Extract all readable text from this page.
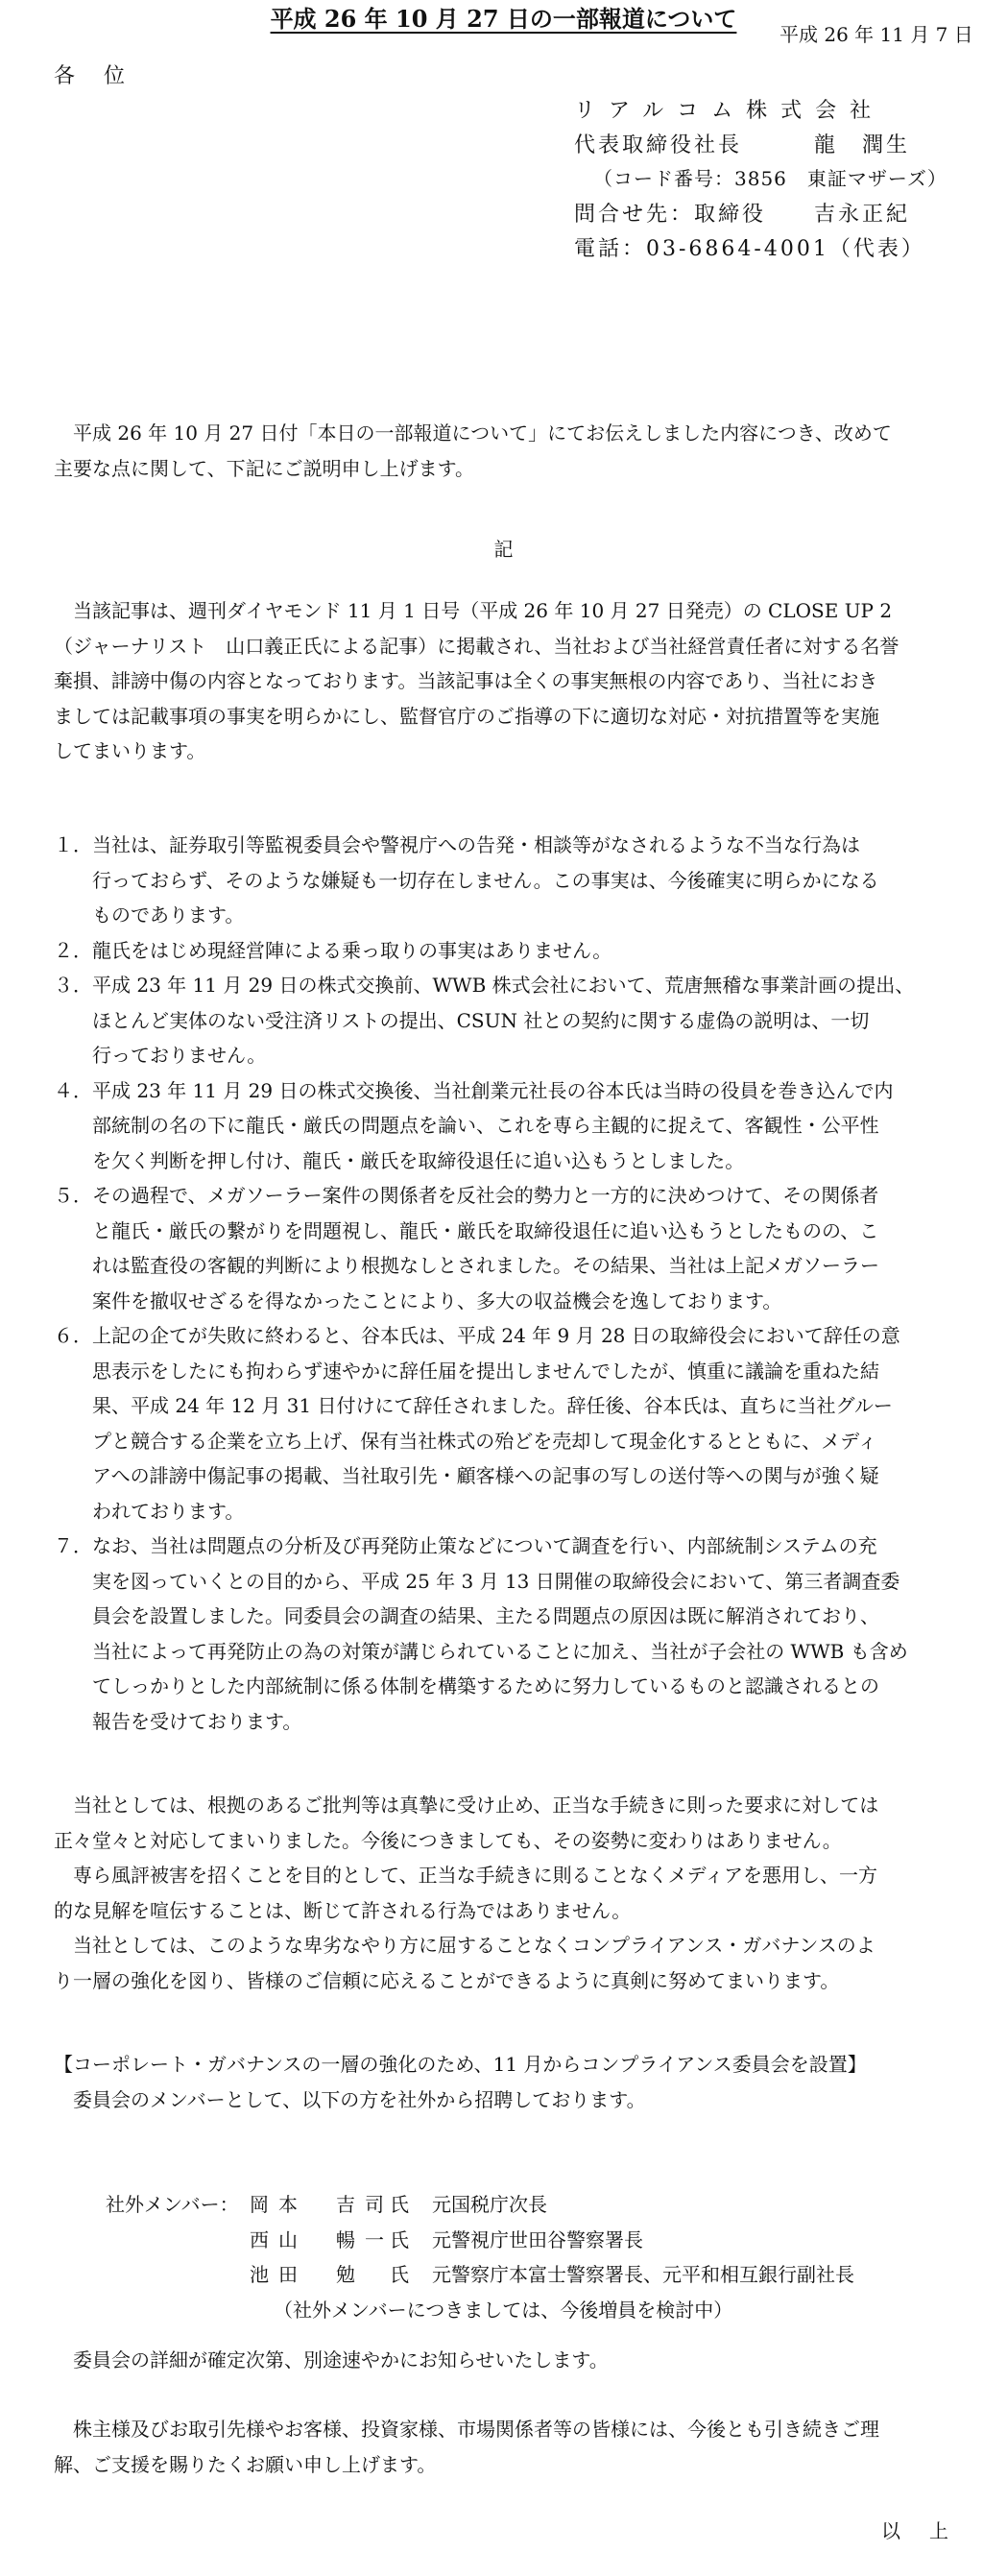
平成 26 年 11 月 7 日
各位
リアルコム株式会社
代表取締役社長　　　龍　潤生
（コード番号：3856　東証マザーズ）
問合せ先：取締役　　吉永正紀
電話：03-6864-4001（代表）
平成 26 年 10 月 27 日の一部報道について
　平成 26 年 10 月 27 日付「本日の一部報道について」にてお伝えしました内容につき、改めて
主要な点に関して、下記にご説明申し上げます。
記
　当該記事は、週刊ダイヤモンド 11 月 1 日号（平成 26 年 10 月 27 日発売）の CLOSE UP 2
（ジャーナリスト　山口義正氏による記事）に掲載され、当社および当社経営責任者に対する名誉
棄損、誹謗中傷の内容となっております。当該記事は全くの事実無根の内容であり、当社におき
ましては記載事項の事実を明らかにし、監督官庁のご指導の下に適切な対応・対抗措置等を実施
してまいります。
１． 当社は、証券取引等監視委員会や警視庁への告発・相談等がなされるような不当な行為は
行っておらず、そのような嫌疑も一切存在しません。この事実は、今後確実に明らかになる
ものであります。
２． 龍氏をはじめ現経営陣による乗っ取りの事実はありません。
３． 平成 23 年 11 月 29 日の株式交換前、WWB 株式会社において、荒唐無稽な事業計画の提出、
ほとんど実体のない受注済リストの提出、CSUN 社との契約に関する虚偽の説明は、一切
行っておりません。
４． 平成 23 年 11 月 29 日の株式交換後、当社創業元社長の谷本氏は当時の役員を巻き込んで内
部統制の名の下に龍氏・厳氏の問題点を論い、これを専ら主観的に捉えて、客観性・公平性
を欠く判断を押し付け、龍氏・厳氏を取締役退任に追い込もうとしました。
５． その過程で、メガソーラー案件の関係者を反社会的勢力と一方的に決めつけて、その関係者
と龍氏・厳氏の繋がりを問題視し、龍氏・厳氏を取締役退任に追い込もうとしたものの、こ
れは監査役の客観的判断により根拠なしとされました。その結果、当社は上記メガソーラー
案件を撤収せざるを得なかったことにより、多大の収益機会を逸しております。
６． 上記の企てが失敗に終わると、谷本氏は、平成 24 年 9 月 28 日の取締役会において辞任の意
思表示をしたにも拘わらず速やかに辞任届を提出しませんでしたが、慎重に議論を重ねた結
果、平成 24 年 12 月 31 日付けにて辞任されました。辞任後、谷本氏は、直ちに当社グルー
プと競合する企業を立ち上げ、保有当社株式の殆どを売却して現金化するとともに、メディ
アへの誹謗中傷記事の掲載、当社取引先・顧客様への記事の写しの送付等への関与が強く疑
われております。
７． なお、当社は問題点の分析及び再発防止策などについて調査を行い、内部統制システムの充
実を図っていくとの目的から、平成 25 年 3 月 13 日開催の取締役会において、第三者調査委
員会を設置しました。同委員会の調査の結果、主たる問題点の原因は既に解消されており、
当社によって再発防止の為の対策が講じられていることに加え、当社が子会社の WWB も含め
てしっかりとした内部統制に係る体制を構築するために努力しているものと認識されるとの
報告を受けております。
　当社としては、根拠のあるご批判等は真摯に受け止め、正当な手続きに則った要求に対しては
正々堂々と対応してまいりました。今後につきましても、その姿勢に変わりはありません。
　専ら風評被害を招くことを目的として、正当な手続きに則ることなくメディアを悪用し、一方
的な見解を喧伝することは、断じて許される行為ではありません。
　当社としては、このような卑劣なやり方に屈することなくコンプライアンス・ガバナンスのよ
り一層の強化を図り、皆様のご信頼に応えることができるように真剣に努めてまいります。
【コーポレート・ガバナンスの一層の強化のため、11 月からコンプライアンス委員会を設置】
　委員会のメンバーとして、以下の方を社外から招聘しております。
社外メンバー： 岡本　吉司
氏 元国税庁次長
西山　暢一
氏 元警視庁世田谷警察署長
池田　勉 氏 元警察庁本富士警察署長、元平和相互銀行副社長
（社外メンバーにつきましては、今後増員を検討中）
　委員会の詳細が確定次第、別途速やかにお知らせいたします。
　株主様及びお取引先様やお客様、投資家様、市場関係者等の皆様には、今後とも引き続きご理
解、ご支援を賜りたくお願い申し上げます。
以上
